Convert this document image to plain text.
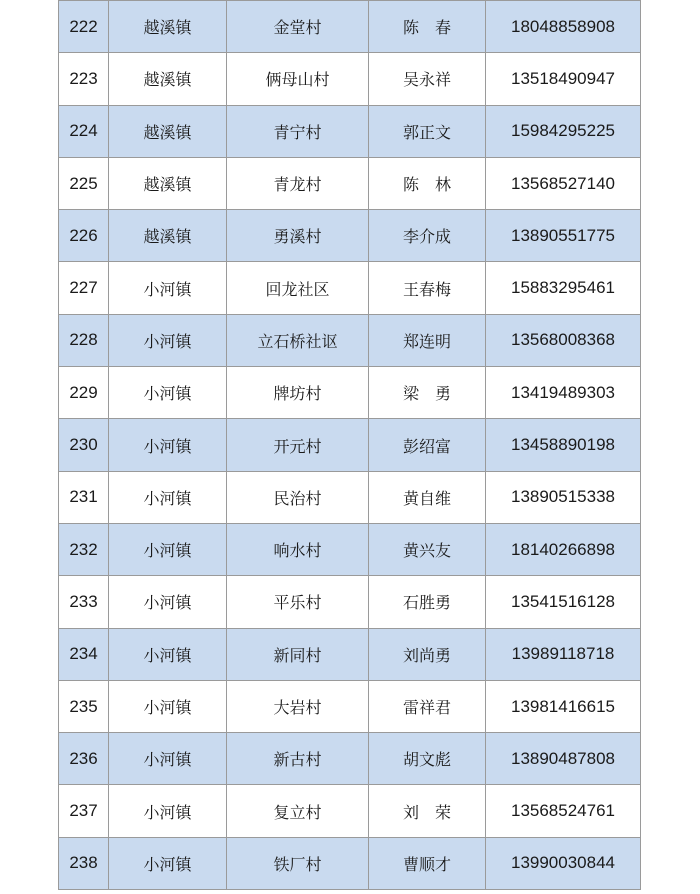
222	越溪镇	金堂村	陈　春	18048858908
223	越溪镇	俩母山村	吴永祥	13518490947
224	越溪镇	青宁村	郭正文	15984295225
225	越溪镇	青龙村	陈　林	13568527140
226	越溪镇	勇溪村	李介成	13890551775
227	小河镇	回龙社区	王春梅	15883295461
228	小河镇	立石桥社讴	郑连明	13568008368
229	小河镇	牌坊村	梁　勇	13419489303
230	小河镇	开元村	彭绍富	13458890198
231	小河镇	民治村	黄自维	13890515338
232	小河镇	响水村	黄兴友	18140266898
233	小河镇	平乐村	石胜勇	13541516128
234	小河镇	新同村	刘尚勇	13989118718
235	小河镇	大岩村	雷祥君	13981416615
236	小河镇	新古村	胡文彪	13890487808
237	小河镇	复立村	刘　荣	13568524761
238	小河镇	铁厂村	曹顺才	13990030844
